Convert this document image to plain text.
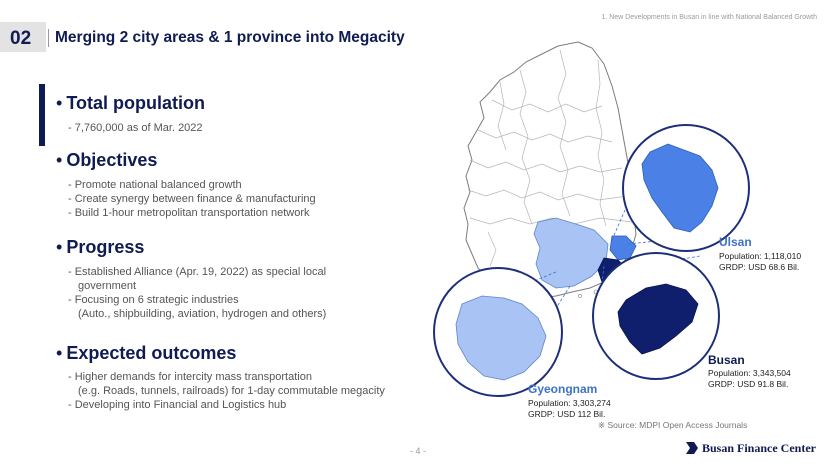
02 Merging 2 city areas & 1 province into Megacity
1. New Developments in Busan in line with National Balanced Growth
• Total population
- 7,760,000 as of Mar. 2022
• Objectives
- Promote national balanced growth
- Create synergy between finance & manufacturing
- Build 1-hour metropolitan transportation network
• Progress
- Established Alliance (Apr. 19, 2022) as special local
government
- Focusing on 6 strategic industries
(Auto., shipbuilding, aviation, hydrogen and others)
• Expected outcomes
- Higher demands for intercity mass transportation
(e.g. Roads, tunnels, railroads) for 1-day commutable megacity
- Developing into Financial and Logistics hub
Ulsan
Population: 1,118,010
GRDP: USD 68.6 Bil.
Busan
Population: 3,343,504
GRDP: USD 91.8 Bil.
Gyeongnam
Population: 3,303,274
GRDP: USD 112 Bil.
※ Source: MDPI Open Access Journals
- 4 -	Busan Finance Center
